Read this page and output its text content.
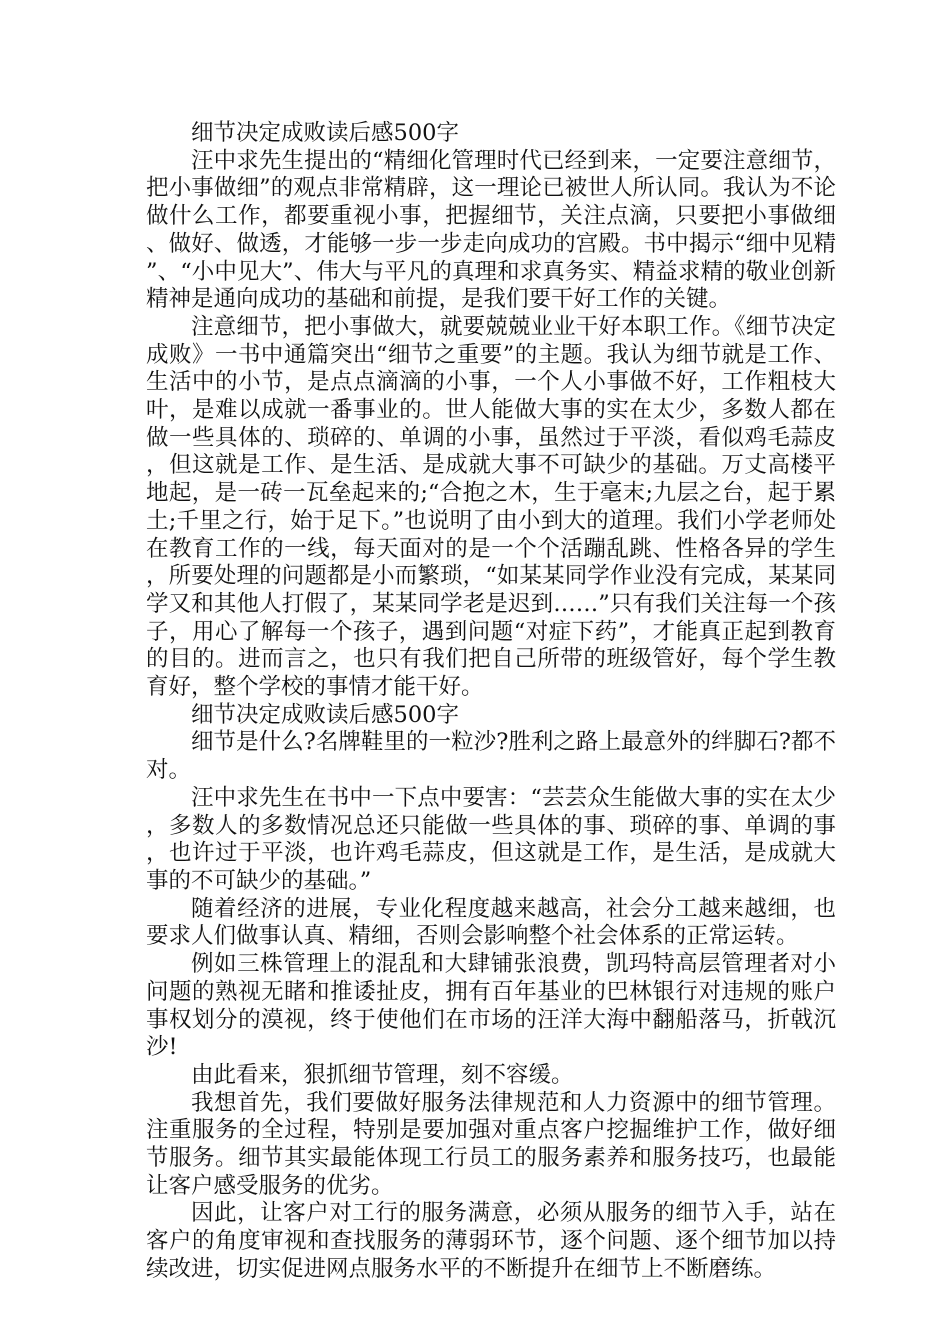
细节决定成败读后感500字

汪中求先生提出的“精细化管理时代已经到来，一定要注意细节，把小事做细”的观点非常精辟，这一理论已被世人所认同。我认为不论做什么工作，都要重视小事，把握细节，关注点滴，只要把小事做细、做好、做透，才能够一步一步走向成功的宫殿。书中揭示“细中见精”、“小中见大”、伟大与平凡的真理和求真务实、精益求精的敬业创新精神是通向成功的基础和前提，是我们要干好工作的关键。

注意细节，把小事做大，就要兢兢业业干好本职工作。《细节决定成败》一书中通篇突出“细节之重要”的主题。我认为细节就是工作、生活中的小节，是点点滴滴的小事，一个人小事做不好，工作粗枝大叶，是难以成就一番事业的。世人能做大事的实在太少，多数人都在做一些具体的、琐碎的、单调的小事，虽然过于平淡，看似鸡毛蒜皮，但这就是工作、是生活、是成就大事不可缺少的基础。万丈高楼平地起，是一砖一瓦垒起来的;“合抱之木，生于毫末;九层之台，起于累土;千里之行，始于足下。”也说明了由小到大的道理。我们小学老师处在教育工作的一线，每天面对的是一个个活蹦乱跳、性格各异的学生，所要处理的问题都是小而繁琐，“如某某同学作业没有完成，某某同学又和其他人打假了，某某同学老是迟到……”只有我们关注每一个孩子，用心了解每一个孩子，遇到问题“对症下药”，才能真正起到教育的目的。进而言之，也只有我们把自己所带的班级管好，每个学生教育好，整个学校的事情才能干好。

细节决定成败读后感500字

细节是什么?名牌鞋里的一粒沙?胜利之路上最意外的绊脚石?都不对。

汪中求先生在书中一下点中要害：“芸芸众生能做大事的实在太少，多数人的多数情况总还只能做一些具体的事、琐碎的事、单调的事，也许过于平淡，也许鸡毛蒜皮，但这就是工作，是生活，是成就大事的不可缺少的基础。”

随着经济的进展，专业化程度越来越高，社会分工越来越细，也要求人们做事认真、精细，否则会影响整个社会体系的正常运转。

例如三株管理上的混乱和大肆铺张浪费，凯玛特高层管理者对小问题的熟视无睹和推诿扯皮，拥有百年基业的巴林银行对违规的账户事权划分的漠视，终于使他们在市场的汪洋大海中翻船落马，折戟沉沙!

由此看来，狠抓细节管理，刻不容缓。

我想首先，我们要做好服务法律规范和人力资源中的细节管理。注重服务的全过程，特别是要加强对重点客户挖掘维护工作，做好细节服务。细节其实最能体现工行员工的服务素养和服务技巧，也最能让客户感受服务的优劣。

因此，让客户对工行的服务满意，必须从服务的细节入手，站在客户的角度审视和查找服务的薄弱环节，逐个问题、逐个细节加以持续改进，切实促进网点服务水平的不断提升在细节上不断磨练。
